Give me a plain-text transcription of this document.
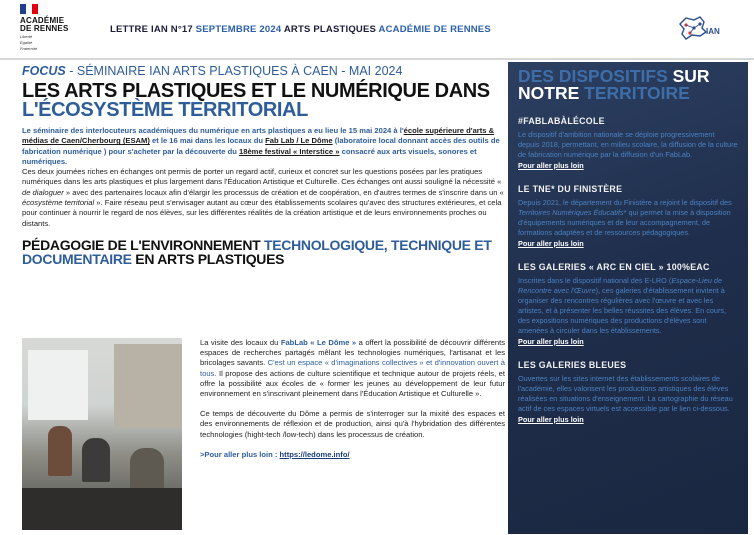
ACADÉMIE
DE RENNES
Liberté
Égalité
Fraternité
LETTRE IAN N°17 SEPTEMBRE 2024 ARTS PLASTIQUES ACADÉMIE DE RENNES	IAN
FOCUS - SÉMINAIRE IAN ARTS PLASTIQUES À CAEN - MAI 2024
LES ARTS PLASTIQUES ET LE NUMÉRIQUE DANS L'ÉCOSYSTÈME TERRITORIAL
Le séminaire des interlocuteurs académiques du numérique en arts plastiques a eu lieu le 15 mai 2024 à l'école supérieure d'arts & médias de Caen/Cherbourg (ESAM) et le 16 mai dans les locaux du Fab Lab / Le Dôme (laboratoire local donnant accès des outils de fabrication numérique ) pour s'acheter par la découverte du 18ème festival « Interstice » consacré aux arts visuels, sonores et numériques.
Ces deux journées riches en échanges ont permis de porter un regard actif, curieux et concret sur les questions posées par les pratiques numériques dans les arts plastiques et plus largement dans l'Éducation Artistique et Culturelle. Ces échanges ont aussi souligné la nécessité « de dialoguer » avec des partenaires locaux afin d'élargir les processus de création et de coopération, en d'autres termes de s'inscrire dans un « écosystème territorial ». Faire réseau peut s'envisager autant au cœur des établissements scolaires qu'avec des structures extérieures, et cela pour continuer à nourrir le regard de nos élèves, sur les différentes réalités de la création artistique et de leurs environnements proches ou distants.
PÉDAGOGIE DE L'ENVIRONNEMENT TECHNOLOGIQUE, TECHNIQUE ET DOCUMENTAIRE EN ARTS PLASTIQUES

La visite des locaux du FabLab « Le Dôme » a offert la possibilité de découvrir différents espaces de recherches partagés mêlant les technologies numériques, l'artisanat et les bricolages savants. C'est un espace « d'imaginations collectives » et d'innovation ouvert à tous. Il propose des actions de culture scientifique et technique autour de projets réels, et offre la possibilité aux écoles de « former les jeunes au développement de leur futur environnement en s'inscrivant pleinement dans l'Éducation Artistique et Culturelle ».

Ce temps de découverte du Dôme a permis de s'interroger sur la mixité des espaces et des environnements de réflexion et de production, ainsi qu'à l'hybridation des différentes technologies (hight-tech /low-tech) dans les processus de création.

>Pour aller plus loin : https://ledome.info/

DES DISPOSITIFS SUR
NOTRE TERRITOIRE
#FABLABÀLÉCOLE
Le dispositif d'ambition nationale se déploie progressivement depuis 2018, permettant, en milieu scolaire, la diffusion de la culture de fabrication numérique par la diffusion d'un FabLab.
Pour aller plus loin
LE TNE* DU FINISTÈRE
Depuis 2021, le département du Finistère a rejoint le dispositif des Territoires Numériques Éducatifs* qui permet la mise à disposition d'équipements numériques et de leur accompagnement, de formations adaptées et de ressources pédagogiques.
Pour aller plus loin
LES GALERIES « ARC EN CIEL » 100%EAC
Inscrites dans le dispositif national des E-LRO (Espace-Lieu de Rencontre avec l'Œuvre), ces galeries d'établissement invitent à organiser des rencontres régulières avec l'œuvre et avec les artistes, et à présenter les belles réussites des élèves. En cours, des expositions numériques des productions d'élèves sont amenées à circuler dans les établissements.
Pour aller plus loin
LES GALERIES BLEUES
Ouvertes sur les sites internet des établissements scolaires de l'académie, elles valorisent les productions artistiques des élèves réalisées en situations d'enseignement. La cartographie du réseau actif de ces espaces virtuels est accessible par le lien ci-dessous.
Pour aller plus loin
